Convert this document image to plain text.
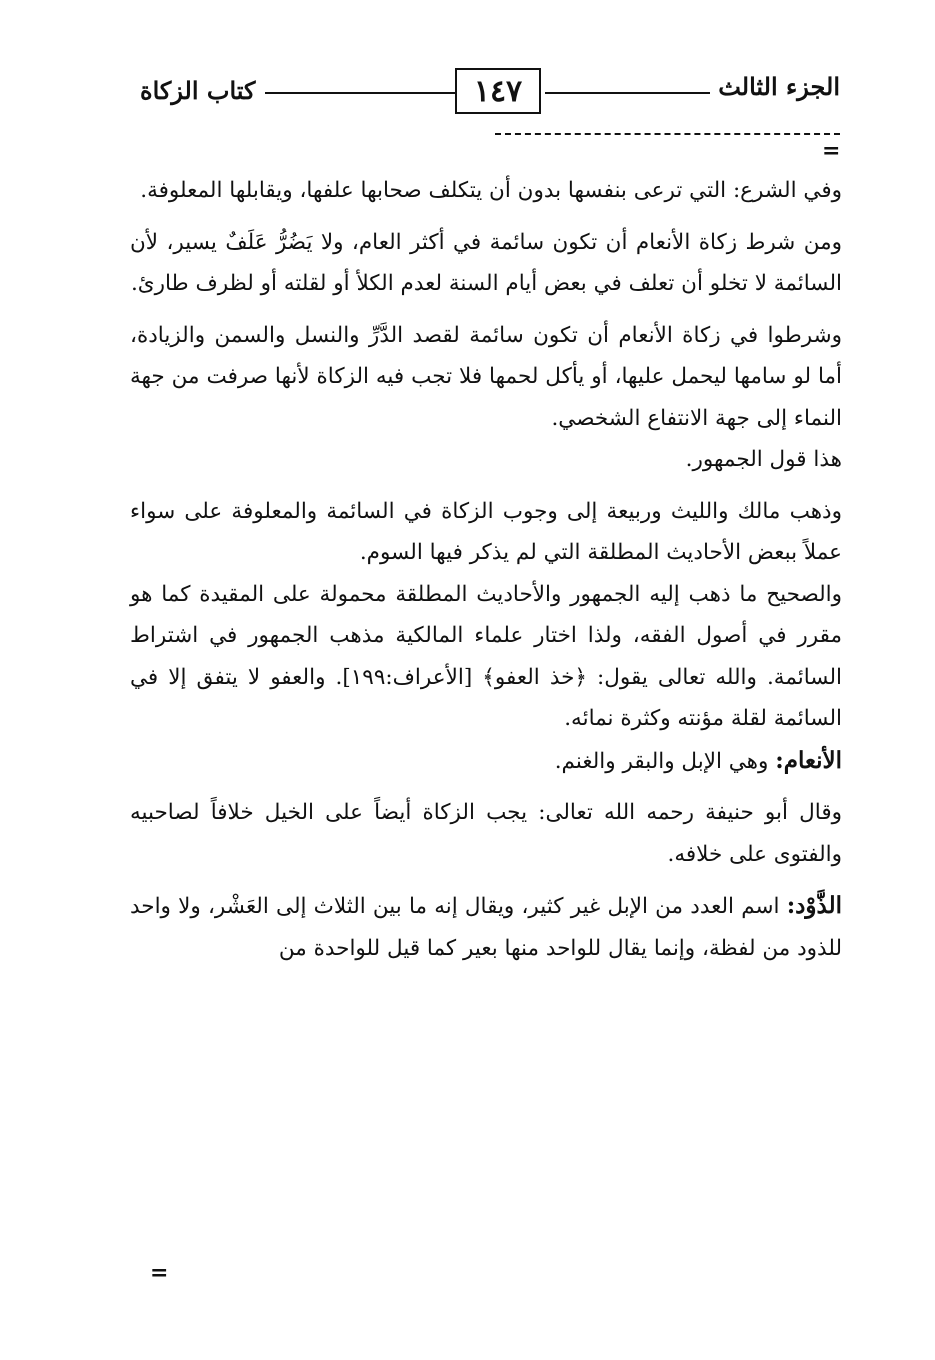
الجزء الثالث
١٤٧
كتاب الزكاة
=

وفي الشرع: التي ترعى بنفسها بدون أن يتكلف صحابها علفها، ويقابلها المعلوفة.

ومن شرط زكاة الأنعام أن تكون سائمة في أكثر العام، ولا يَضُرُّ عَلَفٌ يسير، لأن السائمة لا تخلو أن تعلف في بعض أيام السنة لعدم الكلأ أو لقلته أو لظرف طارئ.

وشرطوا في زكاة الأنعام أن تكون سائمة لقصد الدَّرِّ والنسل والسمن والزيادة، أما لو سامها ليحمل عليها، أو يأكل لحمها فلا تجب فيه الزكاة لأنها صرفت من جهة النماء إلى جهة الانتفاع الشخصي.

هذا قول الجمهور.

وذهب مالك والليث وربيعة إلى وجوب الزكاة في السائمة والمعلوفة على سواء عملاً ببعض الأحاديث المطلقة التي لم يذكر فيها السوم.

والصحيح ما ذهب إليه الجمهور والأحاديث المطلقة محمولة على المقيدة كما هو مقرر في أصول الفقه، ولذا اختار علماء المالكية مذهب الجمهور في اشتراط السائمة. والله تعالى يقول: ﴿خذ العفو﴾ [الأعراف:١٩٩]. والعفو لا يتفق إلا في السائمة لقلة مؤنته وكثرة نمائه.

الأنعام: وهي الإبل والبقر والغنم.

وقال أبو حنيفة رحمه الله تعالى: يجب الزكاة أيضاً على الخيل خلافاً لصاحبيه والفتوى على خلافه.

الذَّوْد: اسم العدد من الإبل غير كثير، ويقال إنه ما بين الثلاث إلى العَشْر، ولا واحد للذود من لفظة، وإنما يقال للواحد منها بعير كما قيل للواحدة من

=
